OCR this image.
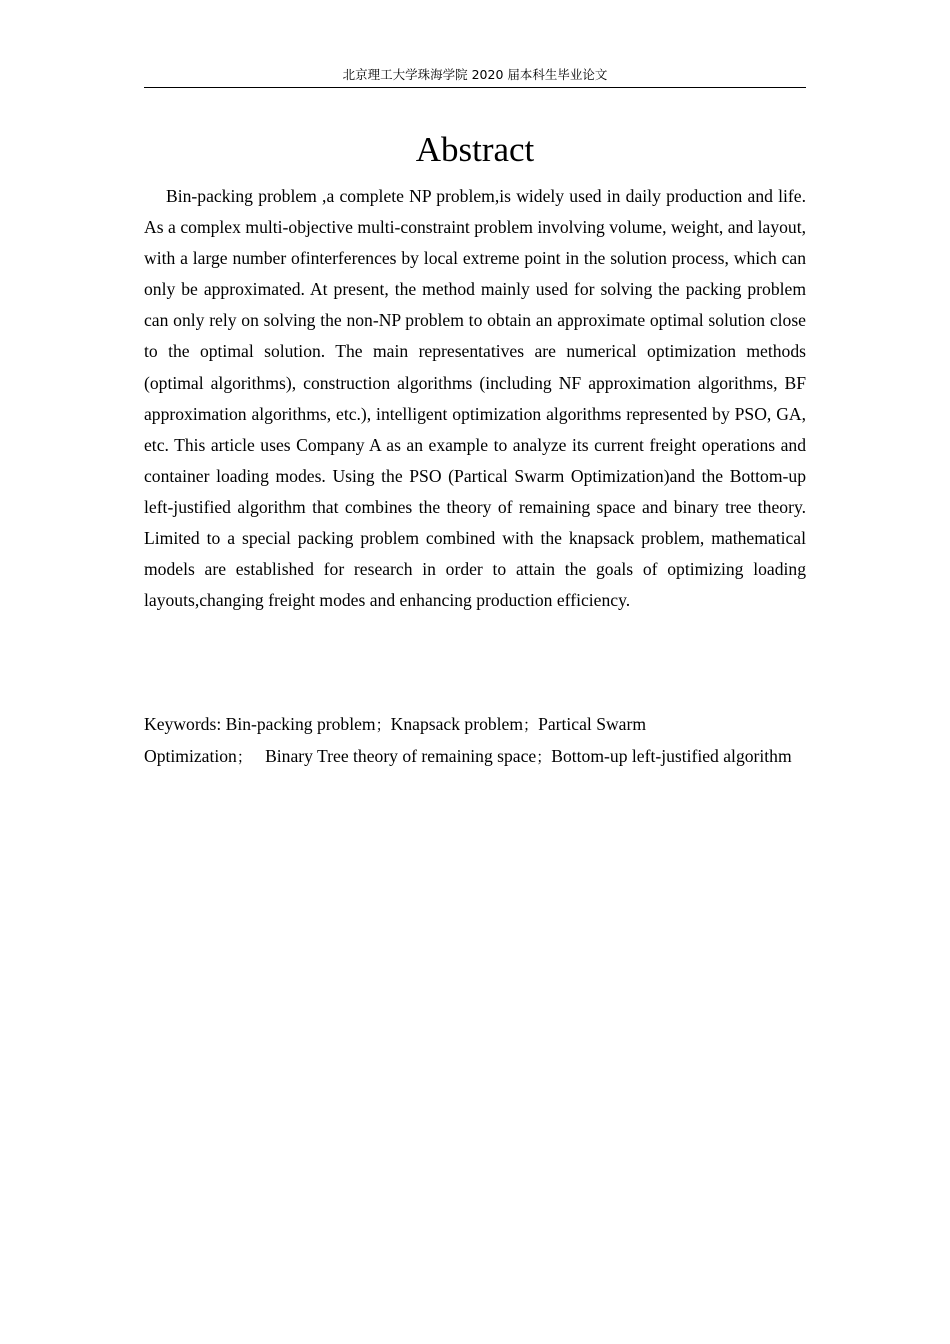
北京理工大学珠海学院 2020 届本科生毕业论文
Abstract

Bin-packing problem ,a complete NP problem,is widely used in daily production and life. As a complex multi-objective multi-constraint problem involving volume, weight, and layout, with a large number ofinterferences by local extreme point in the solution process, which can only be approximated. At present, the method mainly used for solving the packing problem can only rely on solving the non-NP problem to obtain an approximate optimal solution close to the optimal solution. The main representatives are numerical optimization methods (optimal algorithms), construction algorithms (including NF approximation algorithms, BF approximation algorithms, etc.), intelligent optimization algorithms represented by PSO, GA, etc. This article uses Company A as an example to analyze its current freight operations and container loading modes. Using the PSO (Partical Swarm Optimization)and the Bottom-up left-justified algorithm that combines the theory of remaining space and binary tree theory. Limited to a special packing problem combined with the knapsack problem, mathematical models are established for research in order to attain the goals of optimizing loading layouts,changing freight modes and enhancing production efficiency.

Keywords: Bin-packing problem；Knapsack problem；Partical Swarm Optimization； Binary Tree theory of remaining space；Bottom-up left-justified algorithm
